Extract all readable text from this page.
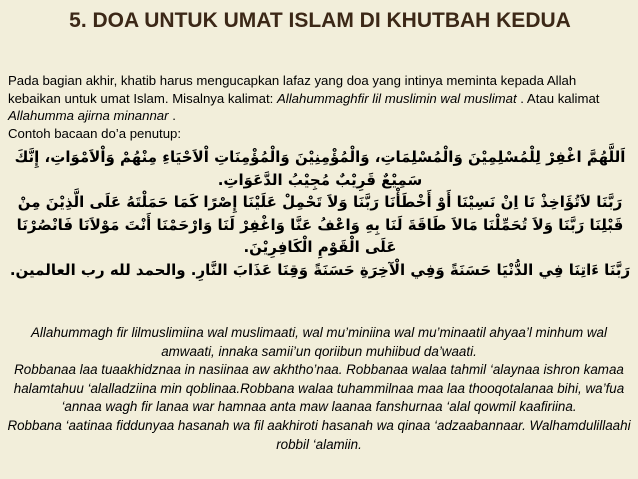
5. DOA UNTUK UMAT ISLAM DI KHUTBAH KEDUA

Pada bagian akhir, khatib harus mengucapkan lafaz yang doa yang intinya meminta kepada Allah kebaikan untuk umat Islam. Misalnya kalimat: Allahummaghfir lil muslimin wal muslimat . Atau kalimat Allahumma ajirna minannar .

Contoh bacaan do’a penutup:

اَللَّهُمَّ اغْفِرْ لِلْمُسْلِمِيْنَ وَالْمُسْلِمَاتِ، وَالْمُؤْمِنِيْنَ وَالْمُؤْمِنَاتِ اْلاَحْيَاءِ مِنْهُمْ وَاْلاَمْوَاتِ، إِنَّكَ سَمِيْعٌ قَرِيْبٌ مُجِيْبُ الدَّعَوَاتِ.

رَبَّنَا لاَتُؤَاخِذْ نَا اِنْ نَسِيْنَا أَوْ أَخْطَأْنَا رَبَّنَا وَلاَ تَحْمِلْ عَلَيْنَا إِصْرًا كَمَا حَمَلْتَهُ عَلَى الَّذِيْنَ مِنْ قَبْلِنَا رَبَّنَا وَلاَ تُحَمِّلْنَا مَالاَ طَاقَةَ لَنَا بِهِ وَاعْفُ عَنَّا وَاغْفِرْ لَنَا وَارْحَمْنَا أَنْتَ مَوْلاَنَا فَانْصُرْنَا عَلَى الْقَوْمِ الْكَافِرِيْنَ.

رَبَّنَا ءَاتِنَا فِي الدُّنْيَا حَسَنَةً وَفِي الْآخِرَةِ حَسَنَةً وَقِنَا عَذَابَ النَّارِ. والحمد لله رب العالمين.

Allahummagh fir lilmuslimiina wal muslimaati, wal mu’miniina wal mu’minaatil ahyaa’l minhum wal amwaati, innaka samii’un qoriibun muhiibud da’waati.

Robbanaa laa tuaakhidznaa in nasiinaa aw akhtho’naa. Robbanaa walaa tahmil ‘alaynaa ishron kamaa halamtahuu ‘alalladziina min qoblinaa.Robbana walaa tuhammilnaa maa laa thooqotalanaa bihi, wa’fua ‘annaa wagh fir lanaa war hamnaa anta maw laanaa fanshurnaa ‘alal qowmil kaafiriina.

Robbana ‘aatinaa fiddunyaa hasanah wa fil aakhiroti hasanah wa qinaa ‘adzaabannaar. Walhamdulillaahi robbil ‘alamiin.
